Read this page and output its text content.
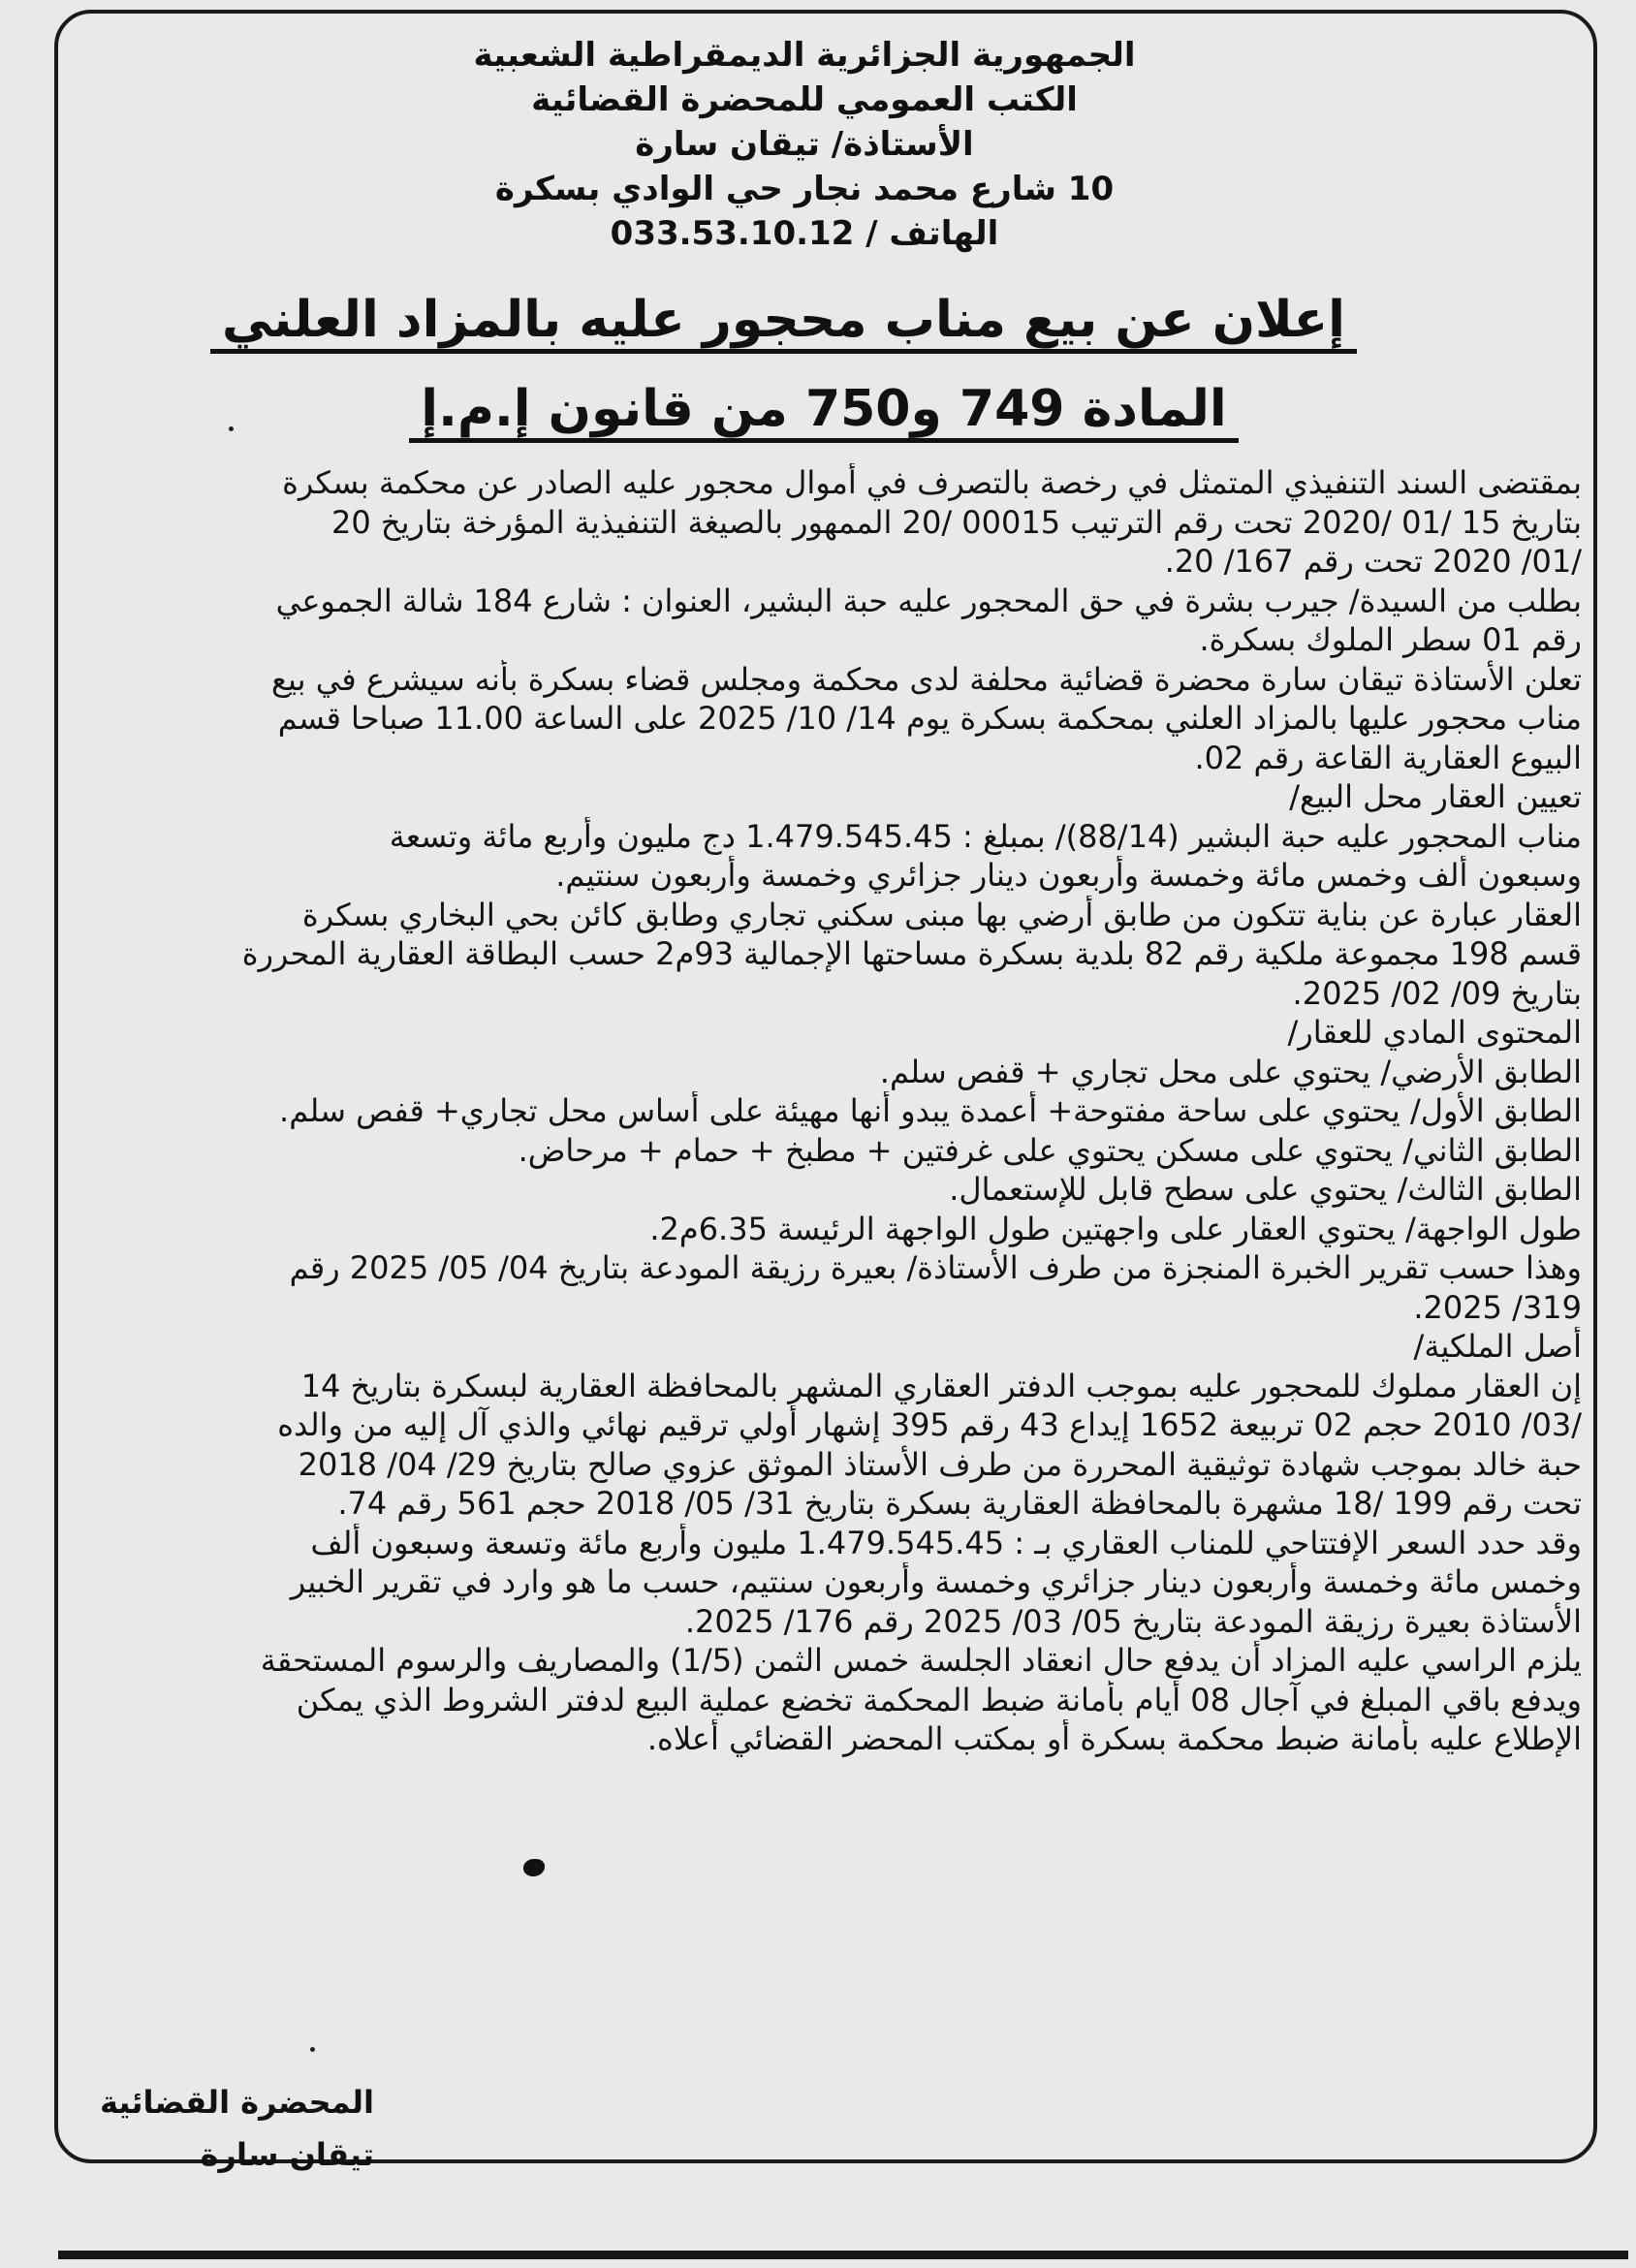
الجمهورية الجزائرية الديمقراطية الشعبية
الكتب العمومي للمحضرة القضائية
الأستاذة/ تيقان سارة
10 شارع محمد نجار حي الوادي بسكرة
الهاتف / 033.53.10.12
إعلان عن بيع مناب محجور عليه بالمزاد العلني
المادة 749 و750 من قانون إ.م.إ
بمقتضى السند التنفيذي المتمثل في رخصة بالتصرف في أموال محجور عليه الصادر عن محكمة بسكرة
بتاريخ 15 /01 /2020 تحت رقم الترتيب 00015 /20 الممهور بالصيغة التنفيذية المؤرخة بتاريخ 20
/01/ 2020 تحت رقم 167/ 20.
بطلب من السيدة/ جيرب بشرة في حق المحجور عليه حبة البشير، العنوان : شارع 184 شالة الجموعي
رقم 01 سطر الملوك بسكرة.
تعلن الأستاذة تيقان سارة محضرة قضائية محلفة لدى محكمة ومجلس قضاء بسكرة بأنه سيشرع في بيع
مناب محجور عليها بالمزاد العلني بمحكمة بسكرة يوم 14/ 10/ 2025 على الساعة 11.00 صباحا قسم
البيوع العقارية القاعة رقم 02.
تعيين العقار محل البيع/
مناب المحجور عليه حبة البشير (88/14)/ بمبلغ : 1.479.545.45 دج مليون وأربع مائة وتسعة
وسبعون ألف وخمس مائة وخمسة وأربعون دينار جزائري وخمسة وأربعون سنتيم.
العقار عبارة عن بناية تتكون من طابق أرضي بها مبنى سكني تجاري وطابق كائن بحي البخاري بسكرة
قسم 198 مجموعة ملكية رقم 82 بلدية بسكرة مساحتها الإجمالية 93م2 حسب البطاقة العقارية المحررة
بتاريخ 09/ 02/ 2025.
المحتوى المادي للعقار/
الطابق الأرضي/ يحتوي على محل تجاري + قفص سلم.
الطابق الأول/ يحتوي على ساحة مفتوحة+ أعمدة يبدو أنها مهيئة على أساس محل تجاري+ قفص سلم.
الطابق الثاني/ يحتوي على مسكن يحتوي على غرفتين + مطبخ + حمام + مرحاض.
الطابق الثالث/ يحتوي على سطح قابل للإستعمال.
طول الواجهة/ يحتوي العقار على واجهتين طول الواجهة الرئيسة 6.35م2.
وهذا حسب تقرير الخبرة المنجزة من طرف الأستاذة/ بعيرة رزيقة المودعة بتاريخ 04/ 05/ 2025 رقم
319/ 2025.
أصل الملكية/
إن العقار مملوك للمحجور عليه بموجب الدفتر العقاري المشهر بالمحافظة العقارية لبسكرة بتاريخ 14
/03/ 2010 حجم 02 تربيعة 1652 إيداع 43 رقم 395 إشهار أولي ترقيم نهائي والذي آل إليه من والده
حبة خالد بموجب شهادة توثيقية المحررة من طرف الأستاذ الموثق عزوي صالح بتاريخ 29/ 04/ 2018
تحت رقم 199 /18 مشهرة بالمحافظة العقارية بسكرة بتاريخ 31/ 05/ 2018 حجم 561 رقم 74.
وقد حدد السعر الإفتتاحي للمناب العقاري بـ : 1.479.545.45 مليون وأربع مائة وتسعة وسبعون ألف
وخمس مائة وخمسة وأربعون دينار جزائري وخمسة وأربعون سنتيم، حسب ما هو وارد في تقرير الخبير
الأستاذة بعيرة رزيقة المودعة بتاريخ 05/ 03/ 2025 رقم 176/ 2025.
يلزم الراسي عليه المزاد أن يدفع حال انعقاد الجلسة خمس الثمن (1/5) والمصاريف والرسوم المستحقة
ويدفع باقي المبلغ في آجال 08 أيام بأمانة ضبط المحكمة تخضع عملية البيع لدفتر الشروط الذي يمكن
الإطلاع عليه بأمانة ضبط محكمة بسكرة أو بمكتب المحضر القضائي أعلاه.
المحضرة القضائية
تيقان سارة
